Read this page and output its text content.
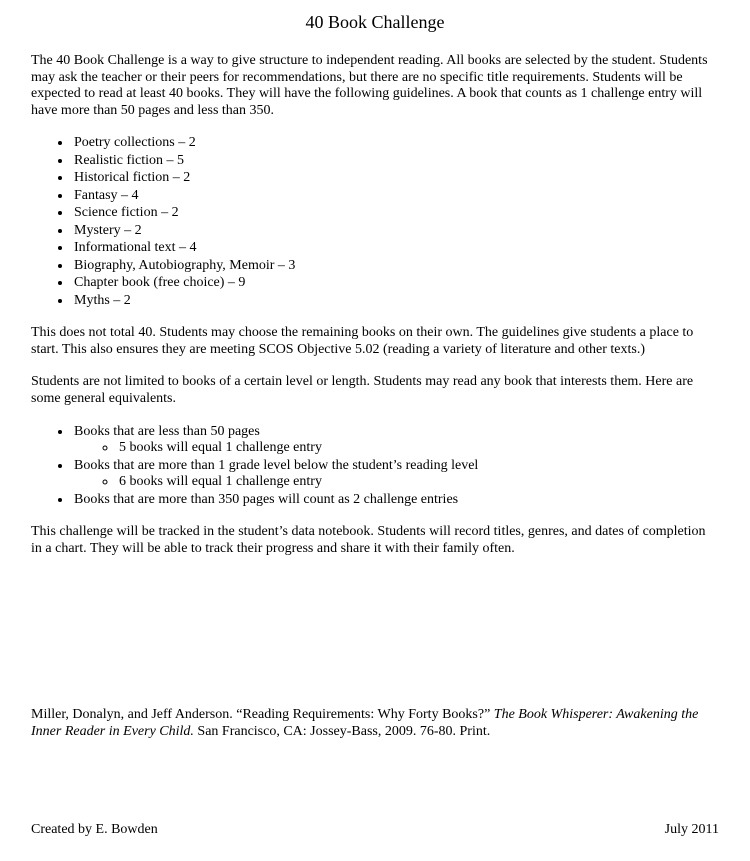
40 Book Challenge

The 40 Book Challenge is a way to give structure to independent reading. All books are selected by the student. Students may ask the teacher or their peers for recommendations, but there are no specific title requirements. Students will be expected to read at least 40 books. They will have the following guidelines. A book that counts as 1 challenge entry will have more than 50 pages and less than 350.

• Poetry collections – 2
• Realistic fiction – 5
• Historical fiction – 2
• Fantasy – 4
• Science fiction – 2
• Mystery – 2
• Informational text – 4
• Biography, Autobiography, Memoir – 3
• Chapter book (free choice) – 9
• Myths – 2

This does not total 40. Students may choose the remaining books on their own. The guidelines give students a place to start. This also ensures they are meeting SCOS Objective 5.02 (reading a variety of literature and other texts.)

Students are not limited to books of a certain level or length. Students may read any book that interests them. Here are some general equivalents.

• Books that are less than 50 pages
◦ 5 books will equal 1 challenge entry
• Books that are more than 1 grade level below the student’s reading level
◦ 6 books will equal 1 challenge entry
• Books that are more than 350 pages will count as 2 challenge entries

This challenge will be tracked in the student’s data notebook. Students will record titles, genres, and dates of completion in a chart. They will be able to track their progress and share it with their family often.

Miller, Donalyn, and Jeff Anderson. “Reading Requirements: Why Forty Books?” The Book Whisperer: Awakening the Inner Reader in Every Child. San Francisco, CA: Jossey-Bass, 2009. 76-80. Print.

Created by E. Bowden	July 2011
